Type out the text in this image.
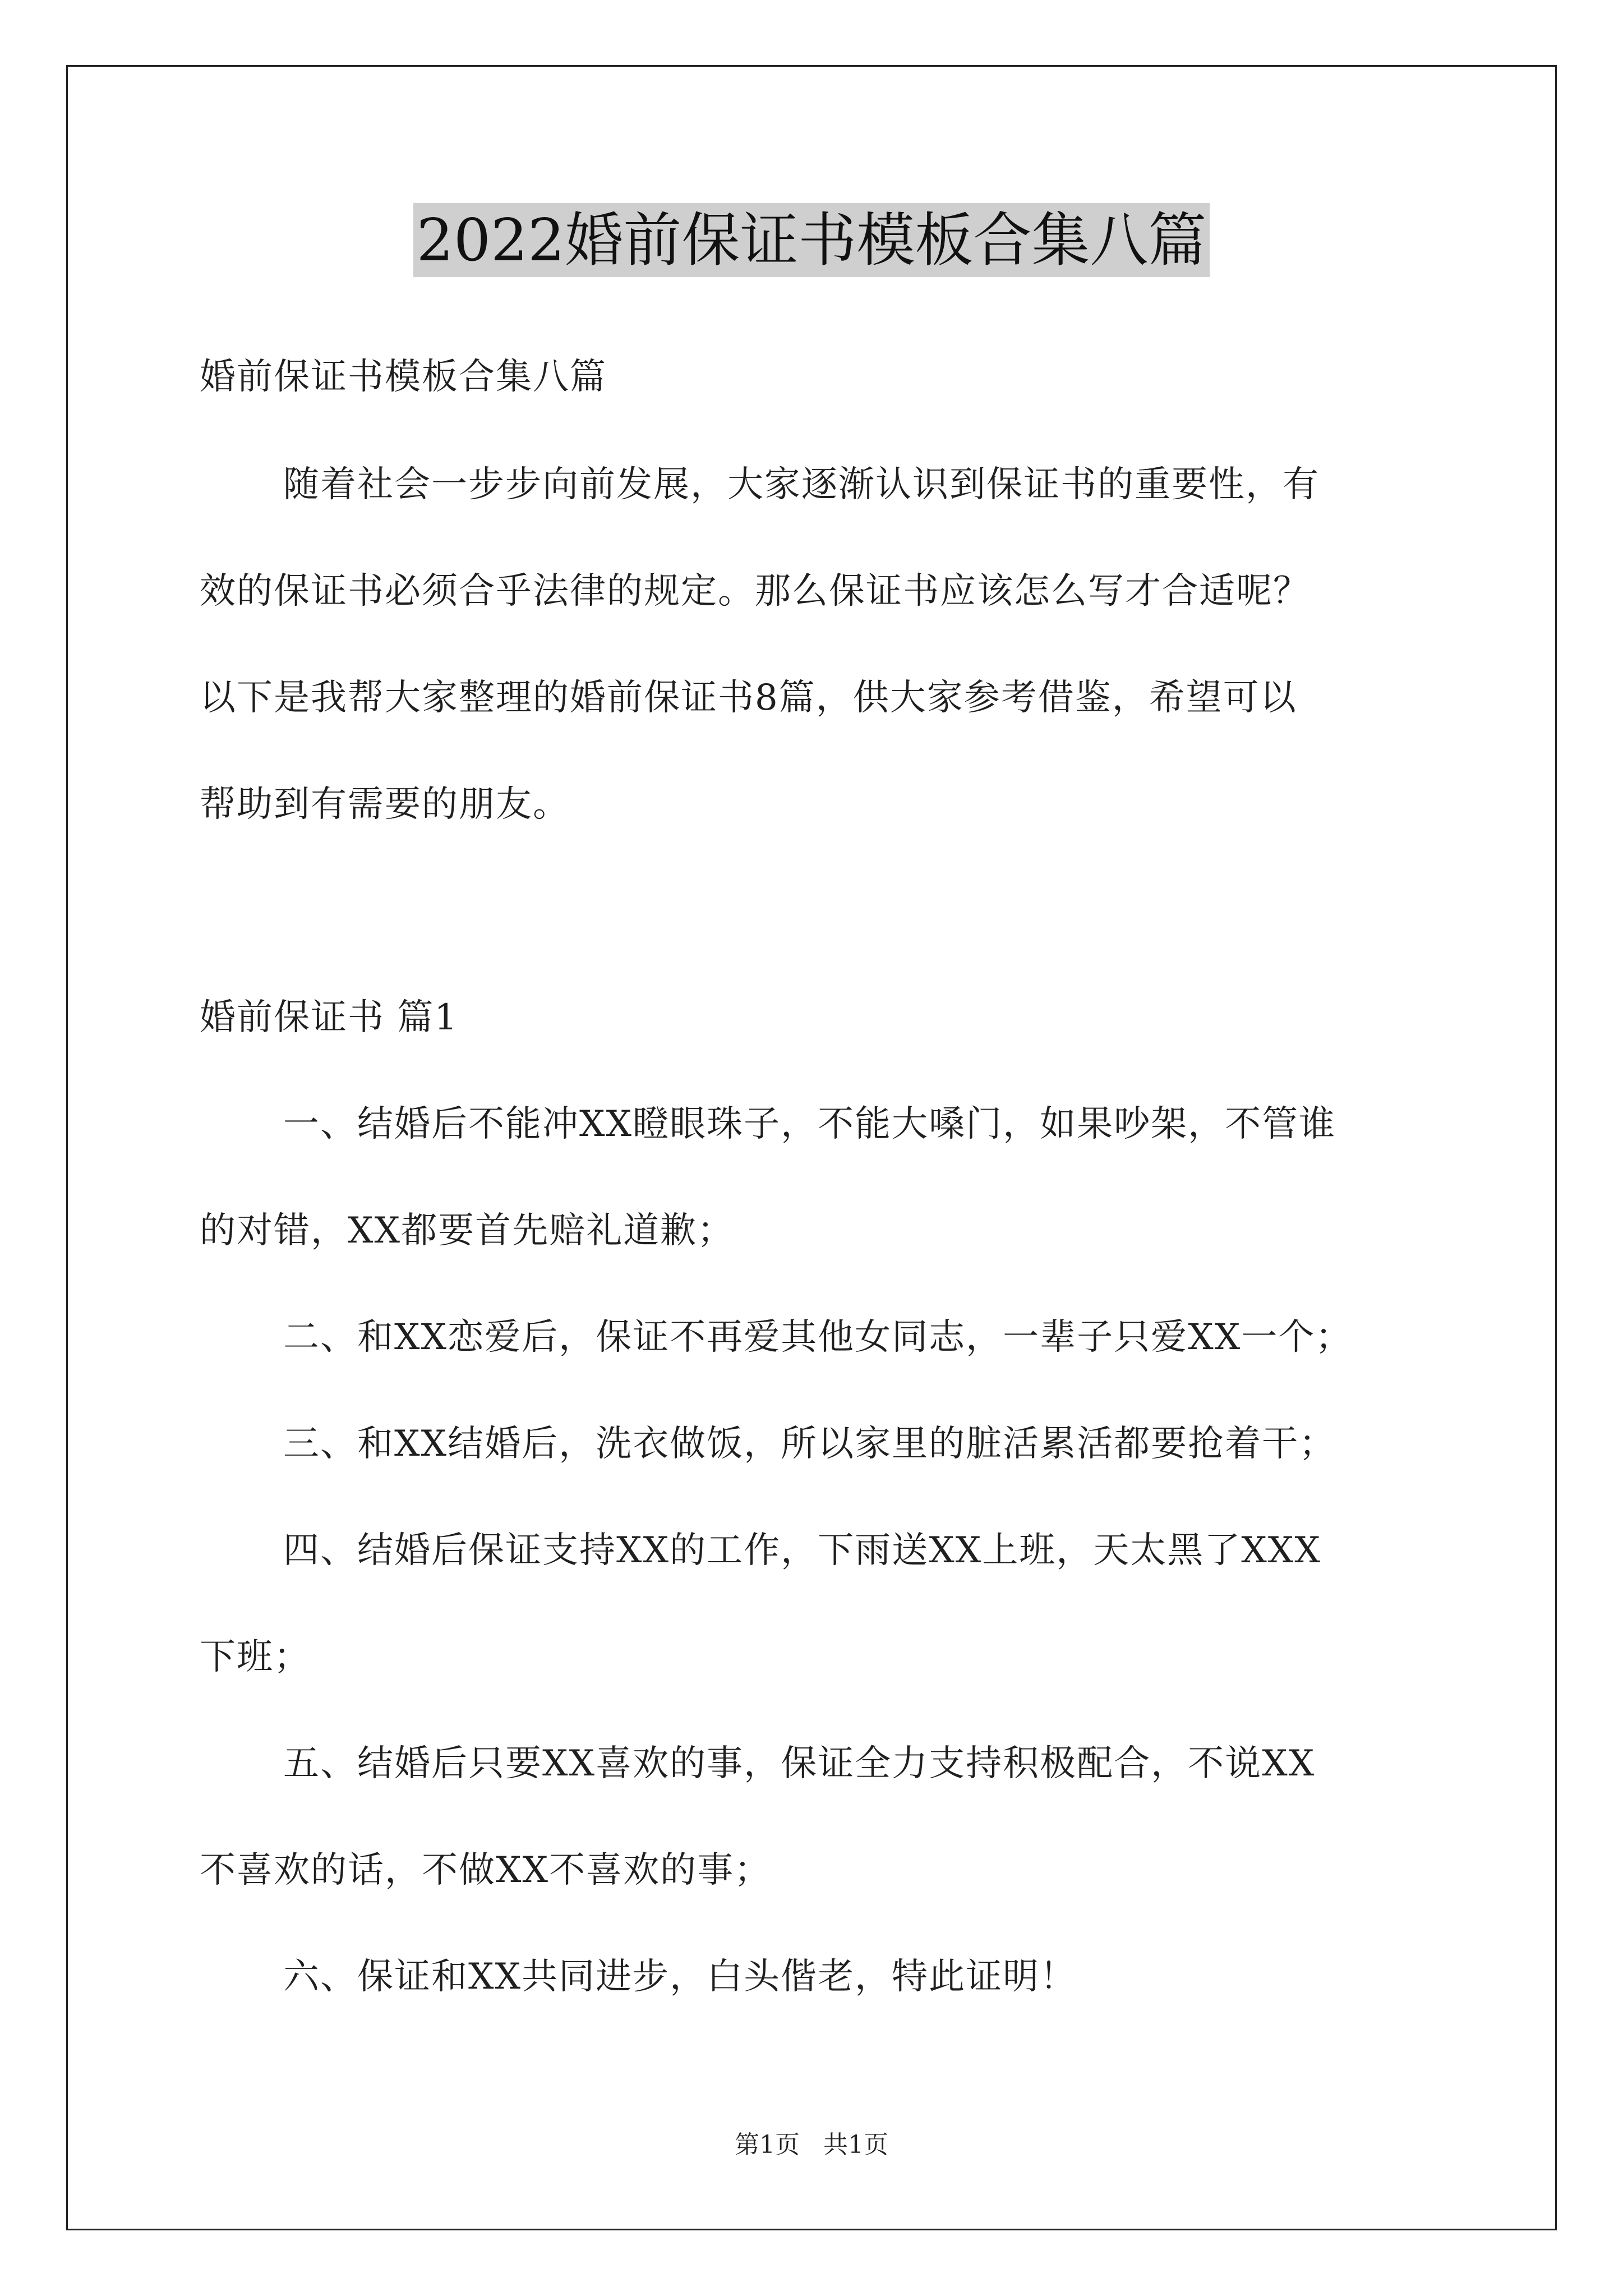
2022婚前保证书模板合集八篇
婚前保证书模板合集八篇
随着社会一步步向前发展，大家逐渐认识到保证书的重要性，有
效的保证书必须合乎法律的规定。那么保证书应该怎么写才合适呢？
以下是我帮大家整理的婚前保证书8篇，供大家参考借鉴，希望可以
帮助到有需要的朋友。
婚前保证书 篇1
一、结婚后不能冲XX瞪眼珠子，不能大嗓门，如果吵架，不管谁
的对错，XX都要首先赔礼道歉；
二、和XX恋爱后，保证不再爱其他女同志，一辈子只爱XX一个；
三、和XX结婚后，洗衣做饭，所以家里的脏活累活都要抢着干；
四、结婚后保证支持XX的工作，下雨送XX上班，天太黑了XXX
下班；
五、结婚后只要XX喜欢的事，保证全力支持积极配合，不说XX
不喜欢的话，不做XX不喜欢的事；
六、保证和XX共同进步，白头偕老，特此证明！
第1页   共1页
